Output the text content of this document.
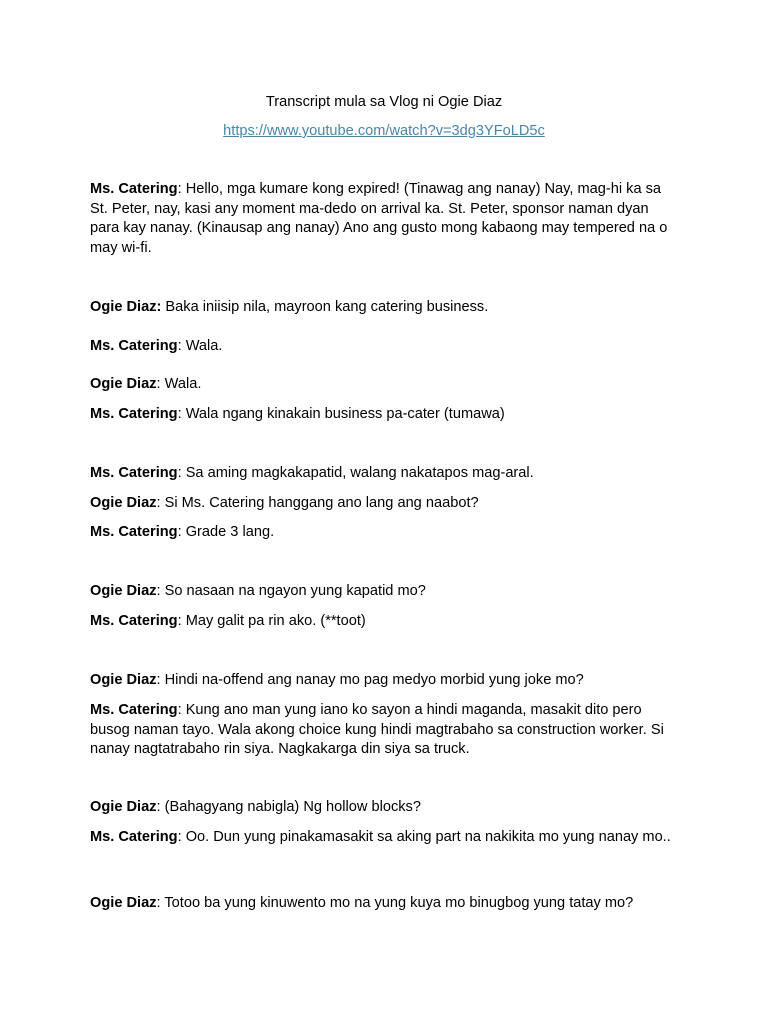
Transcript mula sa Vlog ni Ogie Diaz
https://www.youtube.com/watch?v=3dg3YFoLD5c

Ms. Catering: Hello, mga kumare kong expired! (Tinawag ang nanay) Nay, mag-hi ka sa St. Peter, nay, kasi any moment ma-dedo on arrival ka. St. Peter, sponsor naman dyan para kay nanay. (Kinausap ang nanay) Ano ang gusto mong kabaong may tempered na o may wi-fi.

Ogie Diaz: Baka iniisip nila, mayroon kang catering business.

Ms. Catering: Wala.

Ogie Diaz: Wala.

Ms. Catering: Wala ngang kinakain business pa-cater (tumawa)

Ms. Catering: Sa aming magkakapatid, walang nakatapos mag-aral.

Ogie Diaz: Si Ms. Catering hanggang ano lang ang naabot?

Ms. Catering: Grade 3 lang.

Ogie Diaz: So nasaan na ngayon yung kapatid mo?

Ms. Catering: May galit pa rin ako. (**toot)

Ogie Diaz: Hindi na-offend ang nanay mo pag medyo morbid yung joke mo?

Ms. Catering: Kung ano man yung iano ko sayon a hindi maganda, masakit dito pero busog naman tayo. Wala akong choice kung hindi magtrabaho sa construction worker. Si nanay nagtatrabaho rin siya. Nagkakarga din siya sa truck.

Ogie Diaz: (Bahagyang nabigla) Ng hollow blocks?

Ms. Catering: Oo. Dun yung pinakamasakit sa aking part na nakikita mo yung nanay mo..

Ogie Diaz: Totoo ba yung kinuwento mo na yung kuya mo binugbog yung tatay mo?
